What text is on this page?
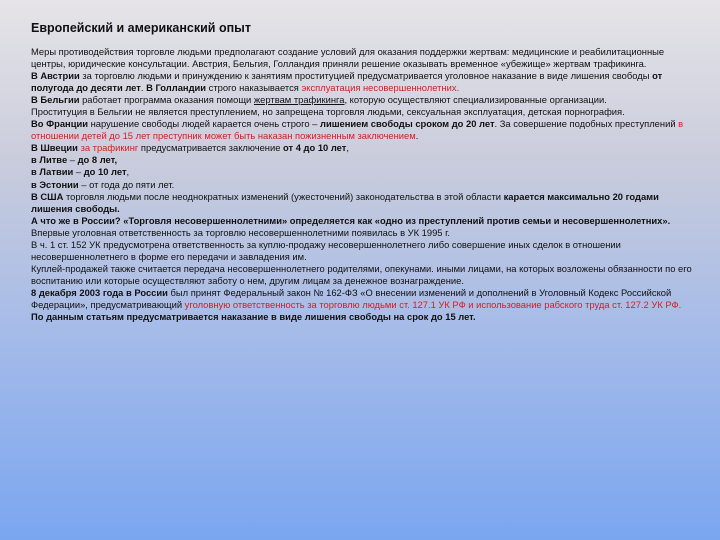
Европейский и американский опыт

Меры противодействия торговле людьми предполагают создание условий для оказания поддержки жертвам: медицинские и реабилитационные центры, юридические консультации. Австрия, Бельгия, Голландия приняли решение оказывать временное «убежище» жертвам трафикинга.

В Австрии за торговлю людьми и принуждению к занятиям проституцией предусматривается уголовное наказание в виде лишения свободы от полугода до десяти лет. В Голландии строго наказывается эксплуатация несовершеннолетних.

В Бельгии работает программа оказания помощи жертвам трафикинга, которую осуществляют специализированные организации.

Проституция в Бельгии не является преступлением, но запрещена торговля людьми, сексуальная эксплуатация, детская порнография.

Во Франции нарушение свободы людей карается очень строго – лишением свободы сроком до 20 лет. За совершение подобных преступлений в отношении детей до 15 лет преступник может быть наказан пожизненным заключением.

В Швеции за трафикинг предусматривается заключение от 4 до 10 лет,

в Литве – до 8 лет,

в Латвии – до 10 лет,

в Эстонии – от года до пяти лет.

В США торговля людьми после неоднократных изменений (ужесточений) законодательства в этой области карается максимально 20 годами лишения свободы.

А что же в России? «Торговля несовершеннолетними» определяется как «одно из преступлений против семьи и несовершеннолетних». Впервые уголовная ответственность за торговлю несовершеннолетними появилась в УК 1995 г.

В ч. 1 ст. 152 УК предусмотрена ответственность за куплю-продажу несовершеннолетнего либо совершение иных сделок в отношении несовершеннолетнего в форме его передачи и завладения им.

Куплей-продажей также считается передача несовершеннолетнего родителями, опекунами. иными лицами, на которых возложены обязанности по его воспитанию или которые осуществляют заботу о нем, другим лицам за денежное вознаграждение.

8 декабря 2003 года в России был принят Федеральный закон № 162-ФЗ «О внесении изменений и дополнений в Уголовный Кодекс Российской Федерации», предусматривающий уголовную ответственность за торговлю людьми ст. 127.1 УК РФ и использование рабского труда ст. 127.2 УК РФ.

По данным статьям предусматривается наказание в виде лишения свободы на срок до 15 лет.
